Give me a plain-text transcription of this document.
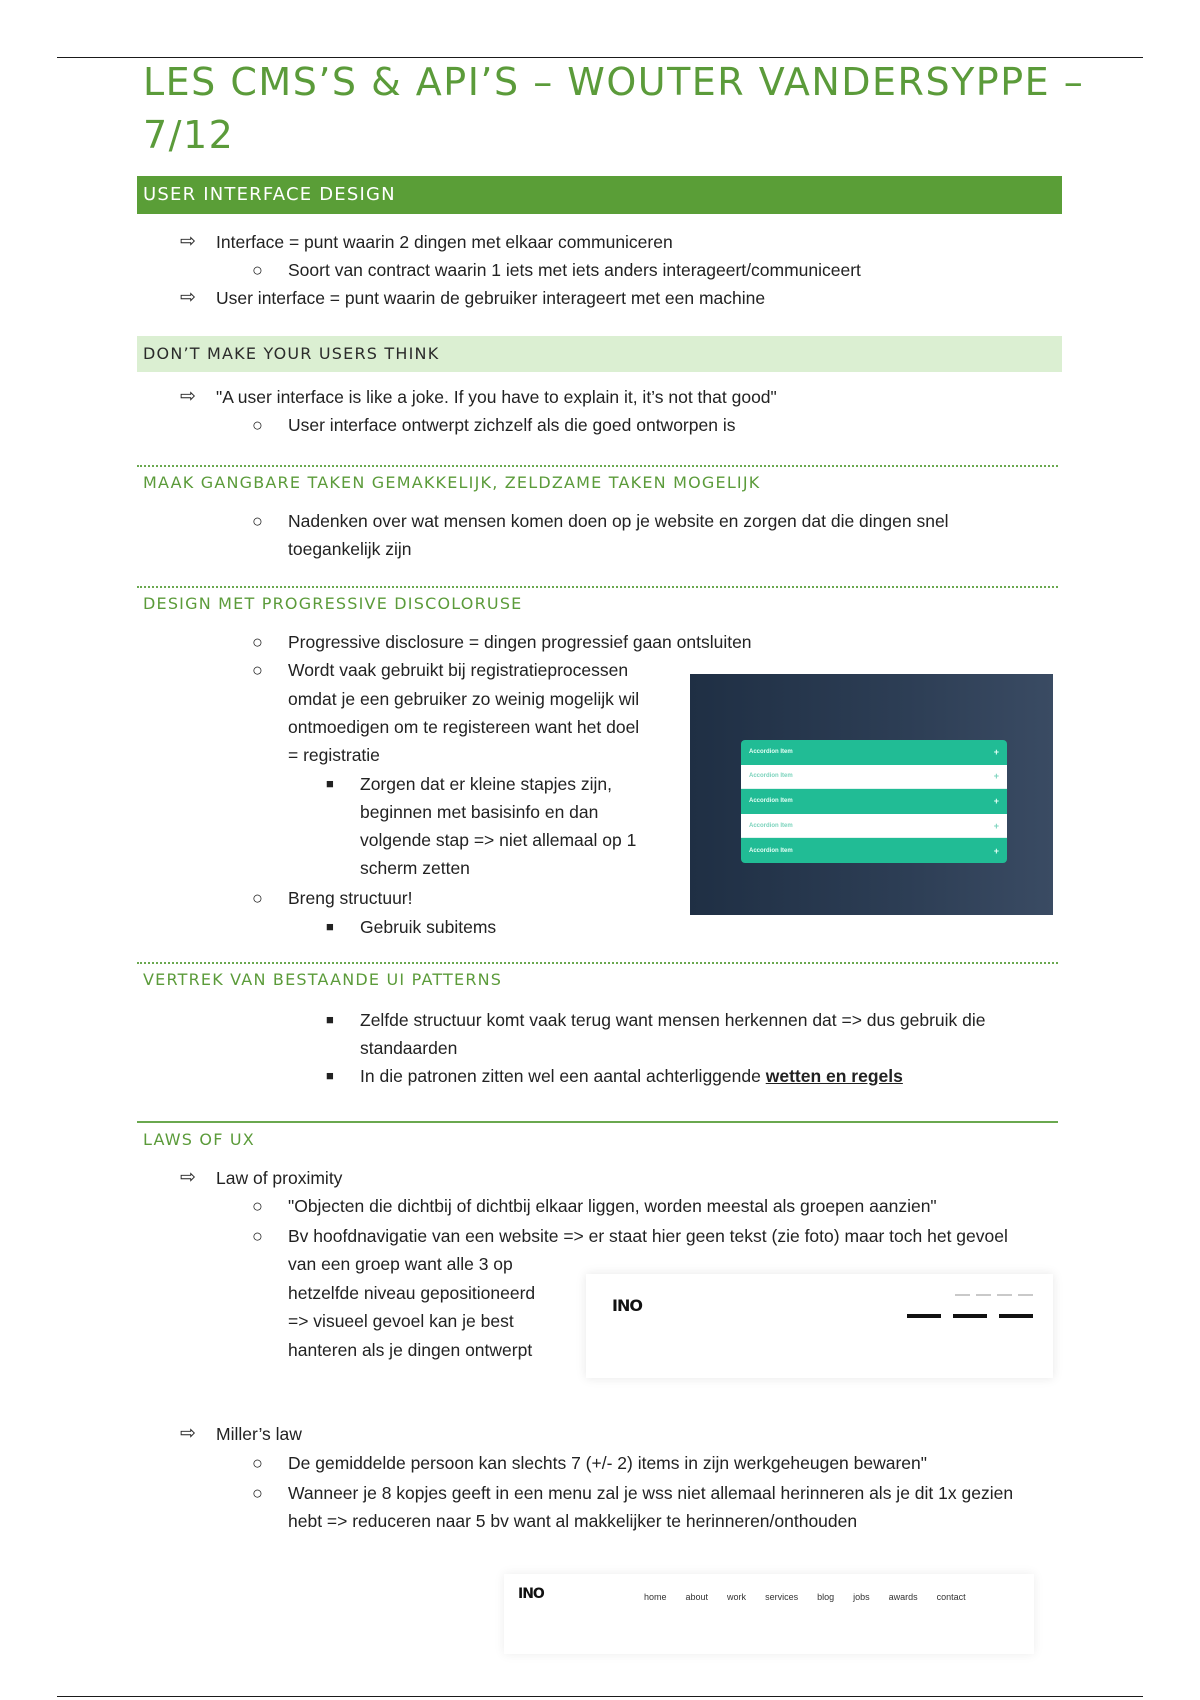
LES CMS’S & API’S – WOUTER VANDERSYPPE – 7/12
USER INTERFACE DESIGN
⇨ Interface = punt waarin 2 dingen met elkaar communiceren

○ Soort van contract waarin 1 iets met iets anders interageert/communiceert

⇨ User interface = punt waarin de gebruiker interageert met een machine

DON’T MAKE YOUR USERS THINK
⇨ "A user interface is like a joke. If you have to explain it, it’s not that good"

○ User interface ontwerpt zichzelf als die goed ontworpen is

MAAK GANGBARE TAKEN GEMAKKELIJK, ZELDZAME TAKEN MOGELIJK
○ Nadenken over wat mensen komen doen op je website en zorgen dat die dingen snel

toegankelijk zijn

DESIGN MET PROGRESSIVE DISCOLORUSE
○ Progressive disclosure = dingen progressief gaan ontsluiten

○ Wordt vaak gebruikt bij registratieprocessen

omdat je een gebruiker zo weinig mogelijk wil

ontmoedigen om te registereen want het doel

= registratie

■ Zorgen dat er kleine stapjes zijn,

beginnen met basisinfo en dan

volgende stap => niet allemaal op 1

scherm zetten

○ Breng structuur!

■ Gebruik subitems

Accordion Item	+
Accordion Item	+
Accordion Item	+
Accordion Item	+
Accordion Item	+
VERTREK VAN BESTAANDE UI PATTERNS
■ Zelfde structuur komt vaak terug want mensen herkennen dat => dus gebruik die

standaarden

■ In die patronen zitten wel een aantal achterliggende wetten en regels

LAWS OF UX
⇨ Law of proximity

○ "Objecten die dichtbij of dichtbij elkaar liggen, worden meestal als groepen aanzien"

○ Bv hoofdnavigatie van een website => er staat hier geen tekst (zie foto) maar toch het gevoel

van een groep want alle 3 op

hetzelfde niveau gepositioneerd

=> visueel gevoel kan je best

hanteren als je dingen ontwerpt

INO
⇨ Miller’s law

○ De gemiddelde persoon kan slechts 7 (+/- 2) items in zijn werkgeheugen bewaren"

○ Wanneer je 8 kopjes geeft in een menu zal je wss niet allemaal herinneren als je dit 1x gezien

hebt => reduceren naar 5 bv want al makkelijker te herinneren/onthouden

INO	home about work services blog jobs awards contact
